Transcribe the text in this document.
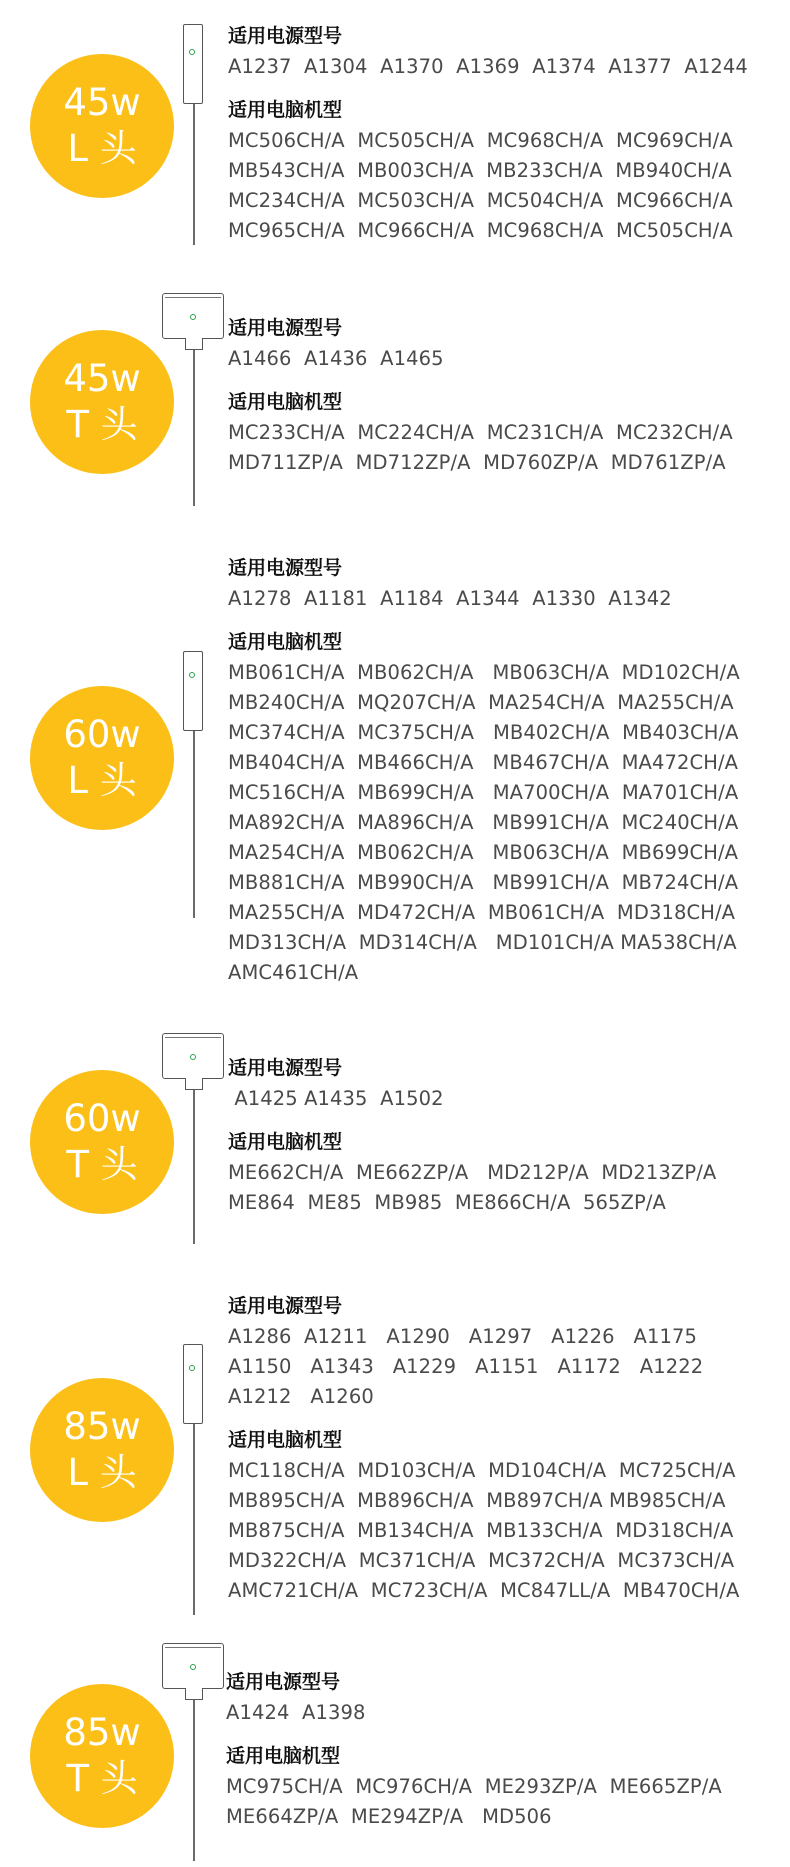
45w
L 头

适用电源型号

A1237  A1304  A1370  A1369  A1374  A1377  A1244

适用电脑机型

MC506CH/A  MC505CH/A  MC968CH/A  MC969CH/A
MB543CH/A  MB003CH/A  MB233CH/A  MB940CH/A
MC234CH/A  MC503CH/A  MC504CH/A  MC966CH/A
MC965CH/A  MC966CH/A  MC968CH/A  MC505CH/A

45w
T 头

适用电源型号

A1466  A1436  A1465

适用电脑机型

MC233CH/A  MC224CH/A  MC231CH/A  MC232CH/A
MD711ZP/A  MD712ZP/A  MD760ZP/A  MD761ZP/A

60w
L 头

适用电源型号

A1278  A1181  A1184  A1344  A1330  A1342

适用电脑机型

MB061CH/A  MB062CH/A   MB063CH/A  MD102CH/A
MB240CH/A  MQ207CH/A  MA254CH/A  MA255CH/A
MC374CH/A  MC375CH/A   MB402CH/A  MB403CH/A
MB404CH/A  MB466CH/A   MB467CH/A  MA472CH/A
MC516CH/A  MB699CH/A   MA700CH/A  MA701CH/A
MA892CH/A  MA896CH/A   MB991CH/A  MC240CH/A
MA254CH/A  MB062CH/A   MB063CH/A  MB699CH/A
MB881CH/A  MB990CH/A   MB991CH/A  MB724CH/A
MA255CH/A  MD472CH/A  MB061CH/A  MD318CH/A
MD313CH/A  MD314CH/A   MD101CH/A MA538CH/A
AMC461CH/A

60w
T 头

适用电源型号

A1425 A1435  A1502

适用电脑机型

ME662CH/A  ME662ZP/A   MD212P/A  MD213ZP/A
ME864  ME85  MB985  ME866CH/A  565ZP/A

85w
L 头

适用电源型号

A1286  A1211   A1290   A1297   A1226   A1175
A1150   A1343   A1229   A1151   A1172   A1222
A1212   A1260

适用电脑机型

MC118CH/A  MD103CH/A  MD104CH/A  MC725CH/A
MB895CH/A  MB896CH/A  MB897CH/A MB985CH/A
MB875CH/A  MB134CH/A  MB133CH/A  MD318CH/A
MD322CH/A  MC371CH/A  MC372CH/A  MC373CH/A
AMC721CH/A  MC723CH/A  MC847LL/A  MB470CH/A

85w
T 头

适用电源型号

A1424  A1398

适用电脑机型

MC975CH/A  MC976CH/A  ME293ZP/A  ME665ZP/A
ME664ZP/A  ME294ZP/A   MD506
